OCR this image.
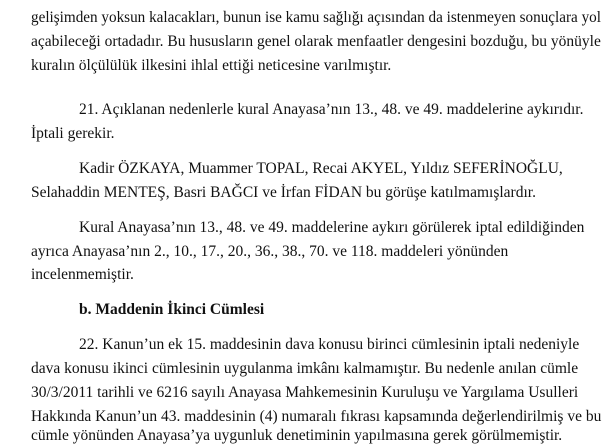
gelişimden yoksun kalacakları, bunun ise kamu sağlığı açısından da istenmeyen sonuçlara yol
açabileceği ortadadır. Bu hususların genel olarak menfaatler dengesini bozduğu, bu yönüyle
kuralın ölçülülük ilkesini ihlal ettiği neticesine varılmıştır.
21. Açıklanan nedenlerle kural Anayasa’nın 13., 48. ve 49. maddelerine aykırıdır.
İptali gerekir.
Kadir ÖZKAYA, Muammer TOPAL, Recai AKYEL, Yıldız SEFERİNOĞLU,
Selahaddin MENTEŞ, Basri BAĞCI ve İrfan FİDAN bu görüşe katılmamışlardır.
Kural Anayasa’nın 13., 48. ve 49. maddelerine aykırı görülerek iptal edildiğinden
ayrıca Anayasa’nın 2., 10., 17., 20., 36., 38., 70. ve 118. maddeleri yönünden
incelenmemiştir.
b. Maddenin İkinci Cümlesi
22. Kanun’un ek 15. maddesinin dava konusu birinci cümlesinin iptali nedeniyle
dava konusu ikinci cümlesinin uygulanma imkânı kalmamıştır. Bu nedenle anılan cümle
30/3/2011 tarihli ve 6216 sayılı Anayasa Mahkemesinin Kuruluşu ve Yargılama Usulleri
Hakkında Kanun’un 43. maddesinin (4) numaralı fıkrası kapsamında değerlendirilmiş ve bu
cümle yönünden Anayasa’ya uygunluk denetiminin yapılmasına gerek görülmemiştir.
